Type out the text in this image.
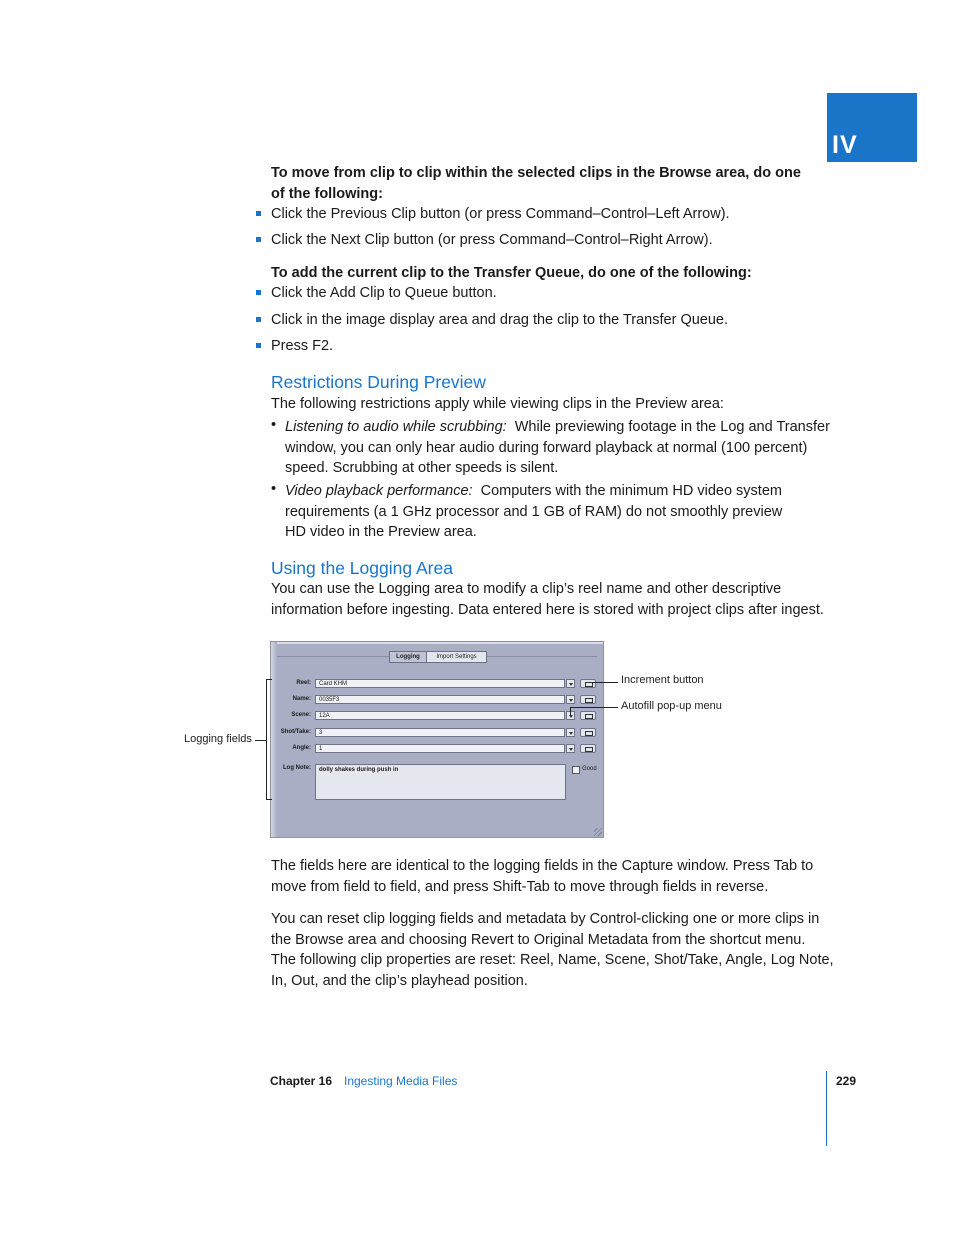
IV
To move from clip to clip within the selected clips in the Browse area, do one
of the following:
Click the Previous Clip button (or press Command–Control–Left Arrow).
Click the Next Clip button (or press Command–Control–Right Arrow).
To add the current clip to the Transfer Queue, do one of the following:
Click the Add Clip to Queue button.
Click in the image display area and drag the clip to the Transfer Queue.
Press F2.
Restrictions During Preview
The following restrictions apply while viewing clips in the Preview area:
• Listening to audio while scrubbing: While previewing footage in the Log and Transfer
window, you can only hear audio during forward playback at normal (100 percent)
speed. Scrubbing at other speeds is silent.
• Video playback performance: Computers with the minimum HD video system
requirements (a 1 GHz processor and 1 GB of RAM) do not smoothly preview
HD video in the Preview area.
Using the Logging Area
You can use the Logging area to modify a clip’s reel name and other descriptive
information before ingesting. Data entered here is stored with project clips after ingest.
Logging	Import Settings
Reel:	Card KHM
Name:	0035F3
Scene:	12A
Shot/Take:	3
Angle:	1
Log Note:	dolly shakes during push in	Good
Increment button
Autofill pop-up menu
Logging fields
The fields here are identical to the logging fields in the Capture window. Press Tab to
move from field to field, and press Shift-Tab to move through fields in reverse.
You can reset clip logging fields and metadata by Control-clicking one or more clips in
the Browse area and choosing Revert to Original Metadata from the shortcut menu.
The following clip properties are reset: Reel, Name, Scene, Shot/Take, Angle, Log Note,
In, Out, and the clip’s playhead position.
Chapter 16 Ingesting Media Files	229
